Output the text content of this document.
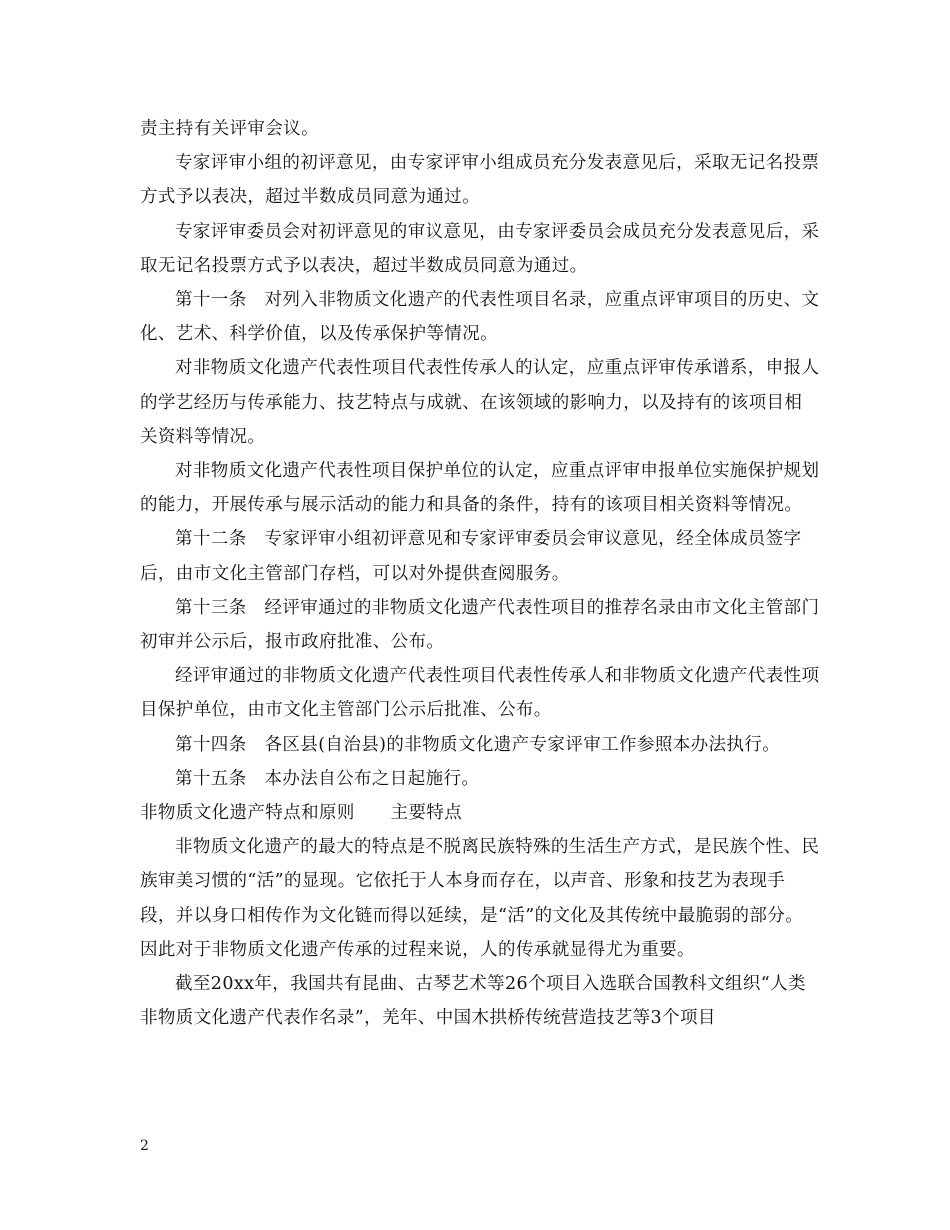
责主持有关评审会议。

专家评审小组的初评意见，由专家评审小组成员充分发表意见后，采取无记名投票方式予以表决，超过半数成员同意为通过。

专家评审委员会对初评意见的审议意见，由专家评委员会成员充分发表意见后，采取无记名投票方式予以表决，超过半数成员同意为通过。

第十一条　对列入非物质文化遗产的代表性项目名录，应重点评审项目的历史、文化、艺术、科学价值，以及传承保护等情况。

对非物质文化遗产代表性项目代表性传承人的认定，应重点评审传承谱系，申报人的学艺经历与传承能力、技艺特点与成就、在该领域的影响力，以及持有的该项目相关资料等情况。

对非物质文化遗产代表性项目保护单位的认定，应重点评审申报单位实施保护规划的能力，开展传承与展示活动的能力和具备的条件，持有的该项目相关资料等情况。

第十二条　专家评审小组初评意见和专家评审委员会审议意见，经全体成员签字后，由市文化主管部门存档，可以对外提供查阅服务。

第十三条　经评审通过的非物质文化遗产代表性项目的推荐名录由市文化主管部门初审并公示后，报市政府批准、公布。

经评审通过的非物质文化遗产代表性项目代表性传承人和非物质文化遗产代表性项目保护单位，由市文化主管部门公示后批准、公布。

第十四条　各区县(自治县)的非物质文化遗产专家评审工作参照本办法执行。

第十五条　本办法自公布之日起施行。

非物质文化遗产特点和原则　　主要特点

非物质文化遗产的最大的特点是不脱离民族特殊的生活生产方式，是民族个性、民族审美习惯的“活”的显现。它依托于人本身而存在，以声音、形象和技艺为表现手段，并以身口相传作为文化链而得以延续，是“活”的文化及其传统中最脆弱的部分。因此对于非物质文化遗产传承的过程来说，人的传承就显得尤为重要。

截至20xx年，我国共有昆曲、古琴艺术等26个项目入选联合国教科文组织“人类非物质文化遗产代表作名录”，羌年、中国木拱桥传统营造技艺等3个项目

2
